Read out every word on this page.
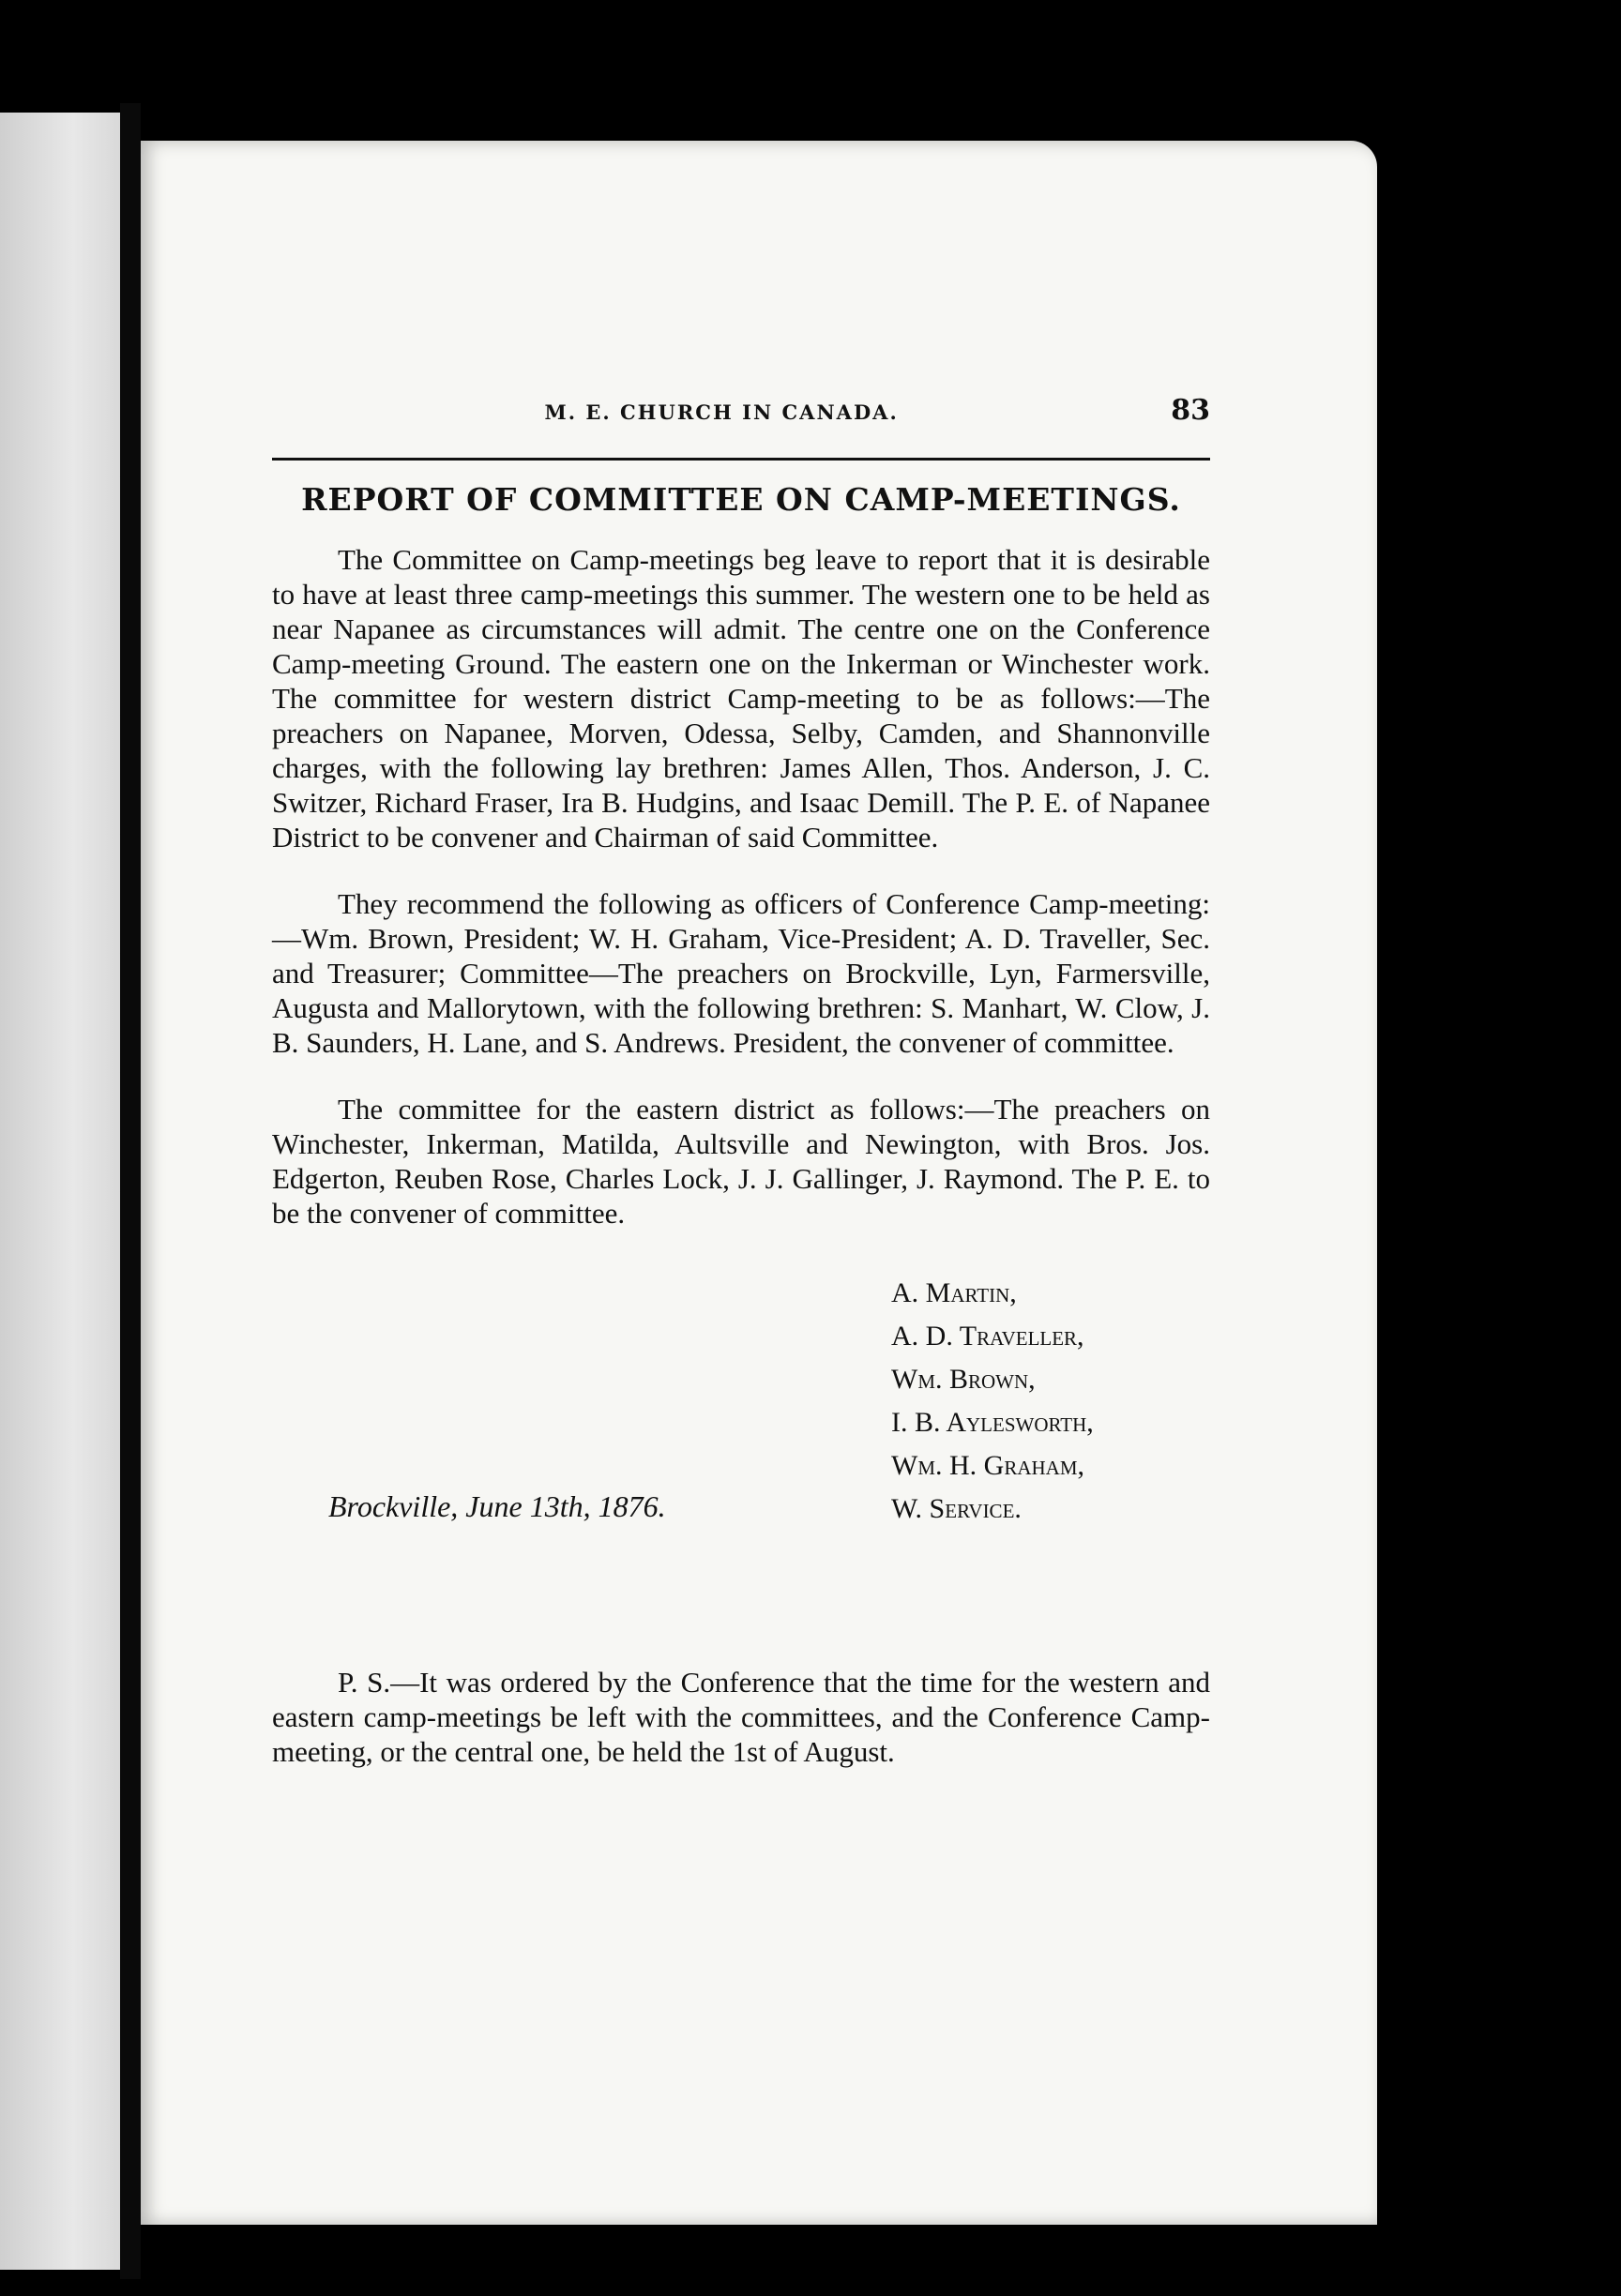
M. E. CHURCH IN CANADA.	83
REPORT OF COMMITTEE ON CAMP-MEETINGS.

The Committee on Camp-meetings beg leave to report that it is desirable to have at least three camp-meetings this summer. The western one to be held as near Napanee as circumstances will admit. The centre one on the Conference Camp-meeting Ground. The eastern one on the Inkerman or Winchester work. The committee for western district Camp-meeting to be as follows:—The preachers on Napanee, Morven, Odessa, Selby, Camden, and Shannonville charges, with the following lay brethren: James Allen, Thos. Anderson, J. C. Switzer, Richard Fraser, Ira B. Hudgins, and Isaac Demill. The P. E. of Napanee District to be convener and Chairman of said Committee.

They recommend the following as officers of Conference Camp-meeting:—Wm. Brown, President; W. H. Graham, Vice-President; A. D. Traveller, Sec. and Treasurer; Committee—The preachers on Brockville, Lyn, Farmersville, Augusta and Mallorytown, with the following brethren: S. Manhart, W. Clow, J. B. Saunders, H. Lane, and S. Andrews. President, the convener of committee.

The committee for the eastern district as follows:—The preachers on Winchester, Inkerman, Matilda, Aultsville and Newington, with Bros. Jos. Edgerton, Reuben Rose, Charles Lock, J. J. Gallinger, J. Raymond. The P. E. to be the convener of committee.

A. Martin,
A. D. Traveller,
Wm. Brown,
I. B. Aylesworth,
Wm. H. Graham,
W. Service.
Brockville, June 13th, 1876.

P. S.—It was ordered by the Conference that the time for the western and eastern camp-meetings be left with the committees, and the Conference Camp-meeting, or the central one, be held the 1st of August.
